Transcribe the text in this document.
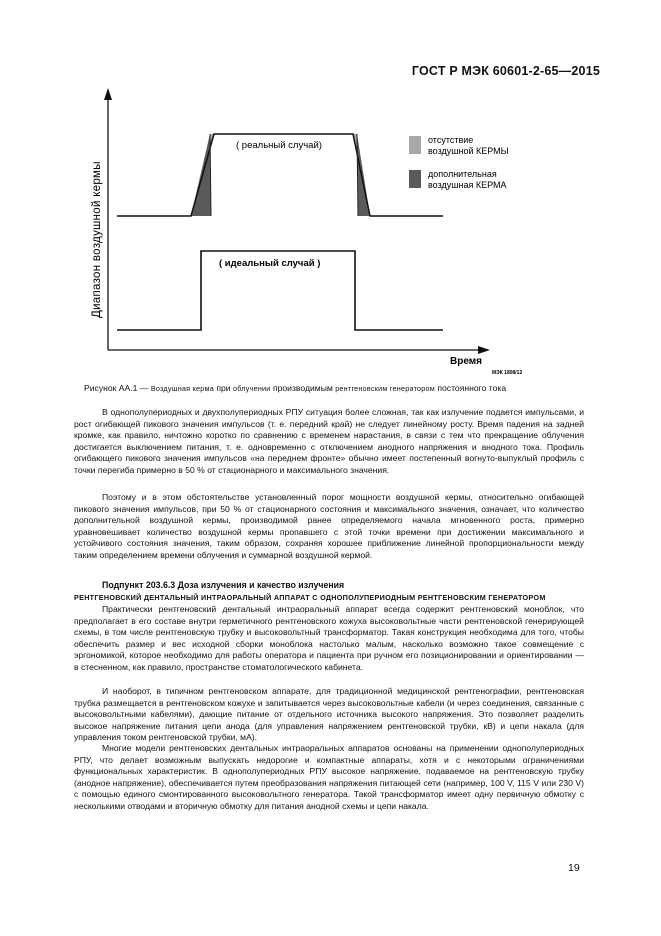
ГОСТ Р МЭК 60601-2-65—2015
( реальный случай)
( идеальный случай )
Диапазон воздушной кермы
Время
МЭК 1808/12
отсутствие
воздушной КЕРМЫ
дополнительная
воздушная КЕРМА
Рисунок АА.1 — Воздушная керма при облучении производимым рентгеновским генератором постоянного тока

В однополупериодных и двухполупериодных РПУ ситуация более сложная, так как излучение подается импульсами, и рост огибающей пикового значения импульсов (т. е. передний край) не следует линейному росту. Время падения на задней кромке, как правило, ничтожно коротко по сравнению с временем нарастания, в связи с тем что прекращение облучения достигается выключением питания, т. е. одновременно с отключением анодного напряжения и анодного тока. Профиль огибающего пикового значения импульсов «на переднем фронте» обычно имеет постепенный вогнуто-выпуклый профиль с точки перегиба примерно в 50 % от стационарного и максимального значения.

Поэтому и в этом обстоятельстве установленный порог мощности воздушной кермы, относительно огибающей пикового значения импульсов, при 50 % от стационарного состояния и максимального значения, означает, что количество дополнительной воздушной кермы, производимой ранее определяемого начала мгновенного роста, примерно уравновешивает количество воздушной кермы пропавшего с этой точки времени при достижении максимального и устойчивого состояния значения, таким образом, сохраняя хорошее приближение линейной пропорциональности между таким определением времени облучения и суммарной воздушной кермой.

Подпункт 203.6.3 Доза излучения и качество излучения
РЕНТГЕНОВСКИЙ ДЕНТАЛЬНЫЙ ИНТРАОРАЛЬНЫЙ АППАРАТ С ОДНОПОЛУПЕРИОДНЫМ РЕНТГЕНОВСКИМ ГЕНЕРАТОРОМ

Практически рентгеновский дентальный интраоральный аппарат всегда содержит рентгеновский моноблок, что предполагает в его составе внутри герметичного рентгеновского кожуха высоковольтные части рентгеновской генерирующей схемы, в том числе рентгеновскую трубку и высоковольтный трансформатор. Такая конструкция необходима для того, чтобы обеспечить размер и вес исходной сборки моноблока настолько малым, насколько возможно такое совмещение с эргономикой, которое необходимо для работы оператора и пациента при ручном его позиционировании и ориентировании — в стесненном, как правило, пространстве стоматологического кабинета.

И наоборот, в типичном рентгеновском аппарате, для традиционной медицинской рентгенографии, рентгеновская трубка размещается в рентгеновском кожухе и запитывается через высоковольтные кабели (и через соединения, связанные с высоковольтными кабелями), дающие питание от отдельного источника высокого напряжения. Это позволяет разделить высокое напряжение питания цепи анода (для управления напряжением рентгеновской трубки, кВ) и цепи накала (для управления током рентгеновской трубки, мА).

Многие модели рентгеновских дентальных интраоральных аппаратов основаны на применении однополупериодных РПУ, что делает возможным выпускать недорогие и компактные аппараты, хотя и с некоторыми ограничениями функциональных характеристик. В однополупериодных РПУ высокое напряжение, подаваемое на рентгеновскую трубку (анодное напряжение), обеспечивается путем преобразования напряжения питающей сети (например, 100 V, 115 V или 230 V) с помощью единого смонтированного высоковольтного генератора. Такой трансформатор имеет одну первичную обмотку с несколькими отводами и вторичную обмотку для питания анодной схемы и цепи накала.

19
